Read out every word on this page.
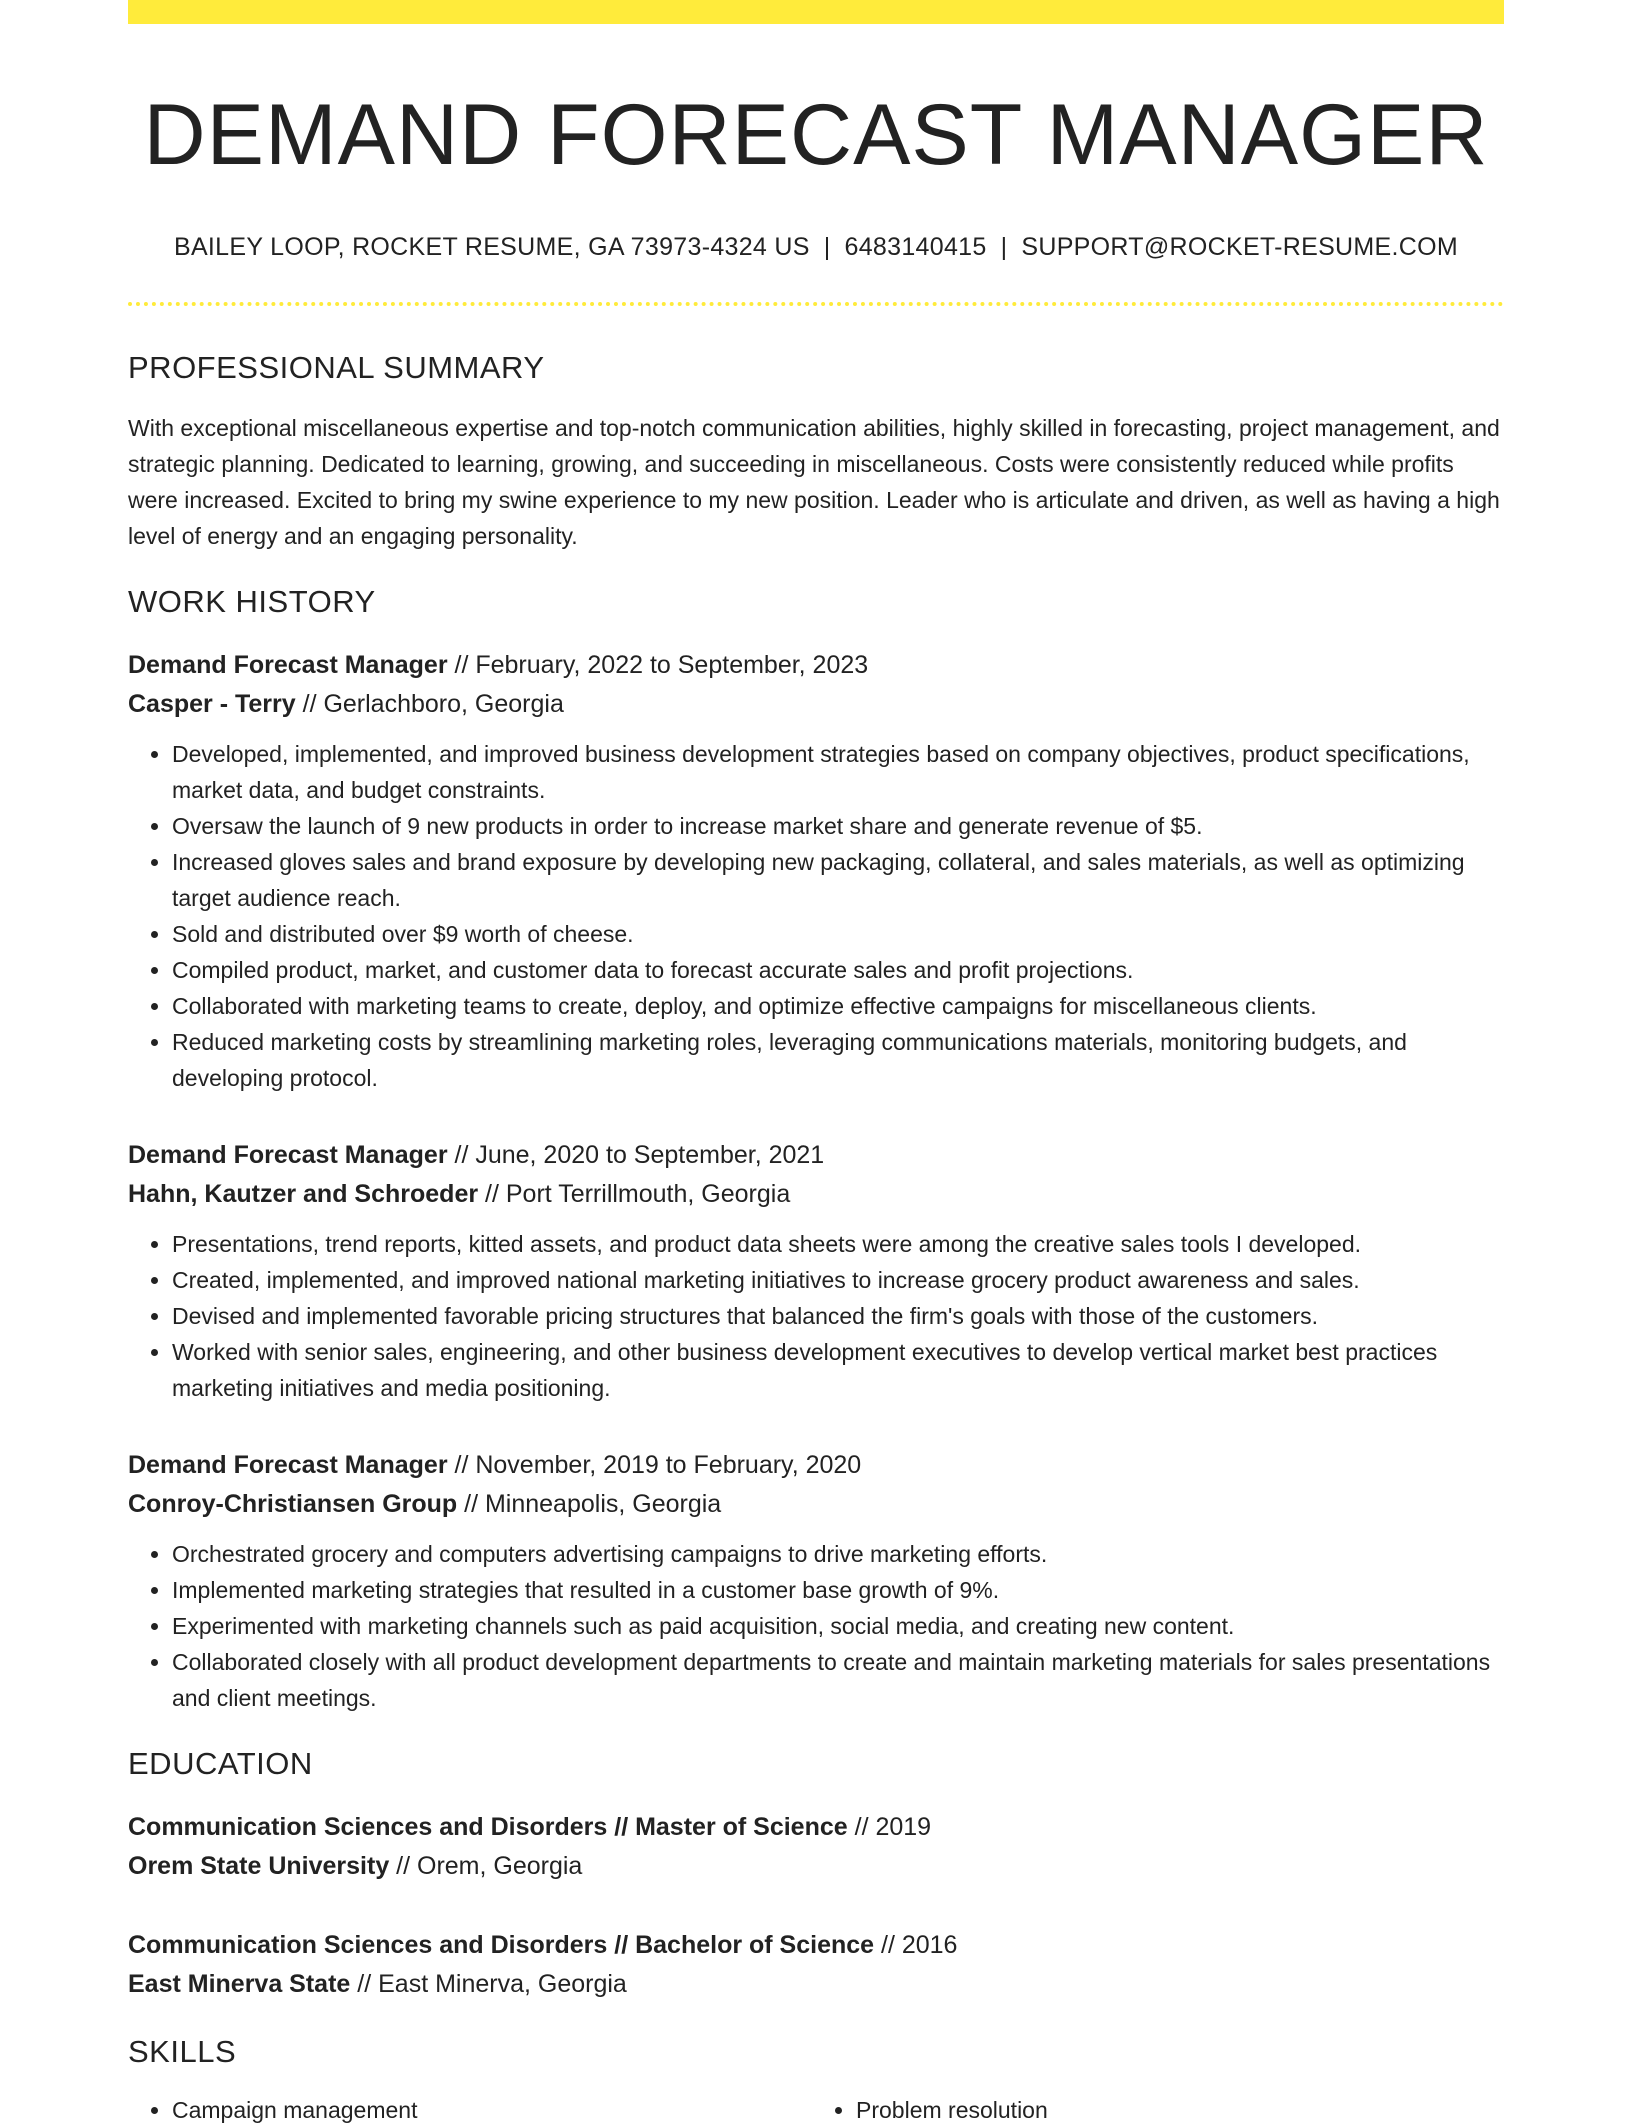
DEMAND FORECAST MANAGER
BAILEY LOOP, ROCKET RESUME, GA 73973-4324 US | 6483140415 | SUPPORT@ROCKET-RESUME.COM
PROFESSIONAL SUMMARY
With exceptional miscellaneous expertise and top-notch communication abilities, highly skilled in forecasting, project management, and strategic planning. Dedicated to learning, growing, and succeeding in miscellaneous. Costs were consistently reduced while profits were increased. Excited to bring my swine experience to my new position. Leader who is articulate and driven, as well as having a high level of energy and an engaging personality.
WORK HISTORY
Demand Forecast Manager // February, 2022 to September, 2023
Casper - Terry // Gerlachboro, Georgia
• Developed, implemented, and improved business development strategies based on company objectives, product specifications, market data, and budget constraints.
• Oversaw the launch of 9 new products in order to increase market share and generate revenue of $5.
• Increased gloves sales and brand exposure by developing new packaging, collateral, and sales materials, as well as optimizing target audience reach.
• Sold and distributed over $9 worth of cheese.
• Compiled product, market, and customer data to forecast accurate sales and profit projections.
• Collaborated with marketing teams to create, deploy, and optimize effective campaigns for miscellaneous clients.
• Reduced marketing costs by streamlining marketing roles, leveraging communications materials, monitoring budgets, and developing protocol.
Demand Forecast Manager // June, 2020 to September, 2021
Hahn, Kautzer and Schroeder // Port Terrillmouth, Georgia
• Presentations, trend reports, kitted assets, and product data sheets were among the creative sales tools I developed.
• Created, implemented, and improved national marketing initiatives to increase grocery product awareness and sales.
• Devised and implemented favorable pricing structures that balanced the firm's goals with those of the customers.
• Worked with senior sales, engineering, and other business development executives to develop vertical market best practices marketing initiatives and media positioning.
Demand Forecast Manager // November, 2019 to February, 2020
Conroy-Christiansen Group // Minneapolis, Georgia
• Orchestrated grocery and computers advertising campaigns to drive marketing efforts.
• Implemented marketing strategies that resulted in a customer base growth of 9%.
• Experimented with marketing channels such as paid acquisition, social media, and creating new content.
• Collaborated closely with all product development departments to create and maintain marketing materials for sales presentations and client meetings.
EDUCATION
Communication Sciences and Disorders // Master of Science // 2019
Orem State University // Orem, Georgia
Communication Sciences and Disorders // Bachelor of Science // 2016
East Minerva State // East Minerva, Georgia
SKILLS
• Campaign management
•	Problem resolution
